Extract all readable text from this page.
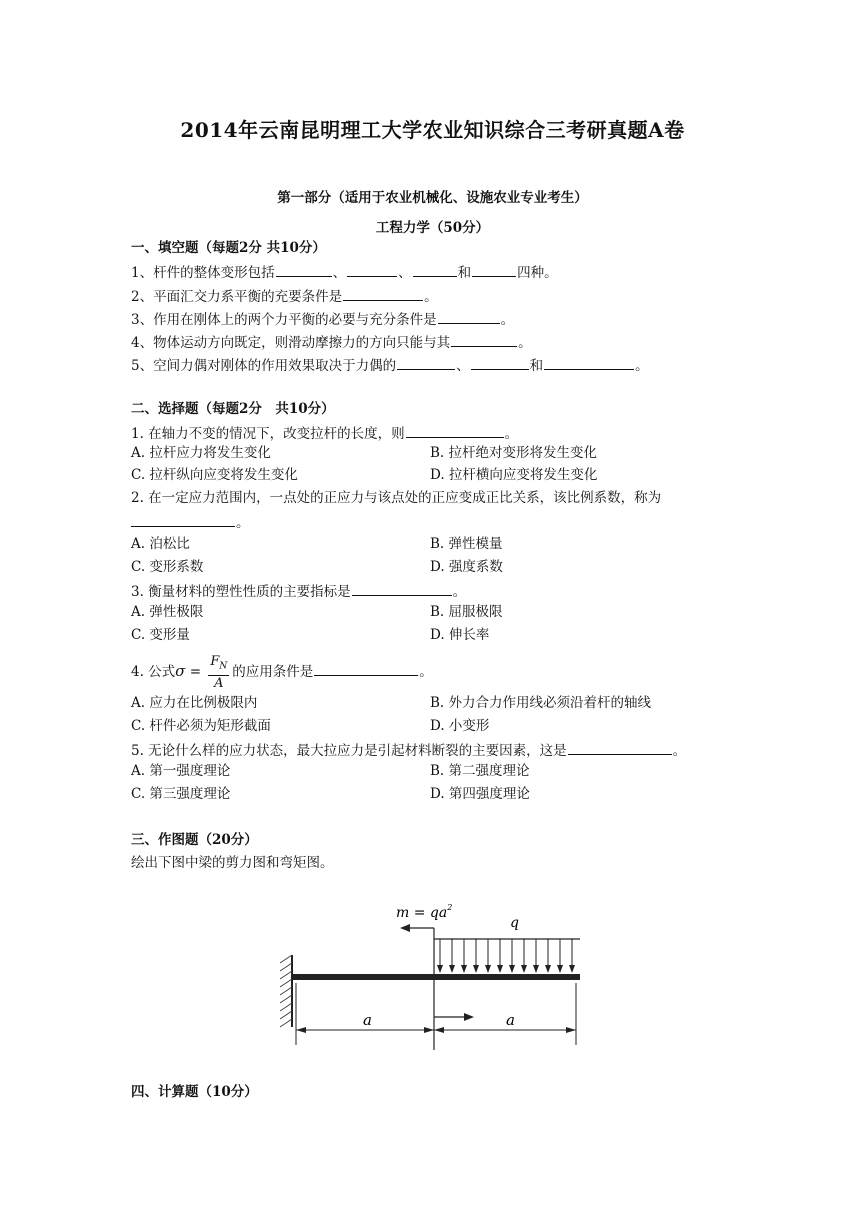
2014年云南昆明理工大学农业知识综合三考研真题A卷
第一部分（适用于农业机械化、设施农业专业考生）
工程力学（50分）
一、填空题（每题2分 共10分）
1、杆件的整体变形包括	、	、	和	四种。
2、平面汇交力系平衡的充要条件是	。
3、作用在刚体上的两个力平衡的必要与充分条件是	。
4、物体运动方向既定，则滑动摩擦力的方向只能与其	。
5、空间力偶对刚体的作用效果取决于力偶的	、	和	。
二、选择题（每题2分　共10分）
1. 在轴力不变的情况下，改变拉杆的长度，则	。
A. 拉杆应力将发生变化	B. 拉杆绝对变形将发生变化
C. 拉杆纵向应变将发生变化	D. 拉杆横向应变将发生变化
2. 在一定应力范围内，一点处的正应力与该点处的正应变成正比关系，该比例系数，称为
。
A. 泊松比	B. 弹性模量
C. 变形系数	D. 强度系数
3. 衡量材料的塑性性质的主要指标是	。
A. 弹性极限	B. 屈服极限
C. 变形量	D. 伸长率
4. 公式$\sigma = \frac{F_N}{A}$ 的应用条件是	。
A. 应力在比例极限内	B. 外力合力作用线必须沿着杆的轴线
C. 杆件必须为矩形截面	D. 小变形
5. 无论什么样的应力状态，最大拉应力是引起材料断裂的主要因素，这是	。
A. 第一强度理论	B. 第二强度理论
C. 第三强度理论	D. 第四强度理论
三、作图题（20分）
绘出下图中梁的剪力图和弯矩图。
$m = qa^2$
q
a	a
四、计算题（10分）
